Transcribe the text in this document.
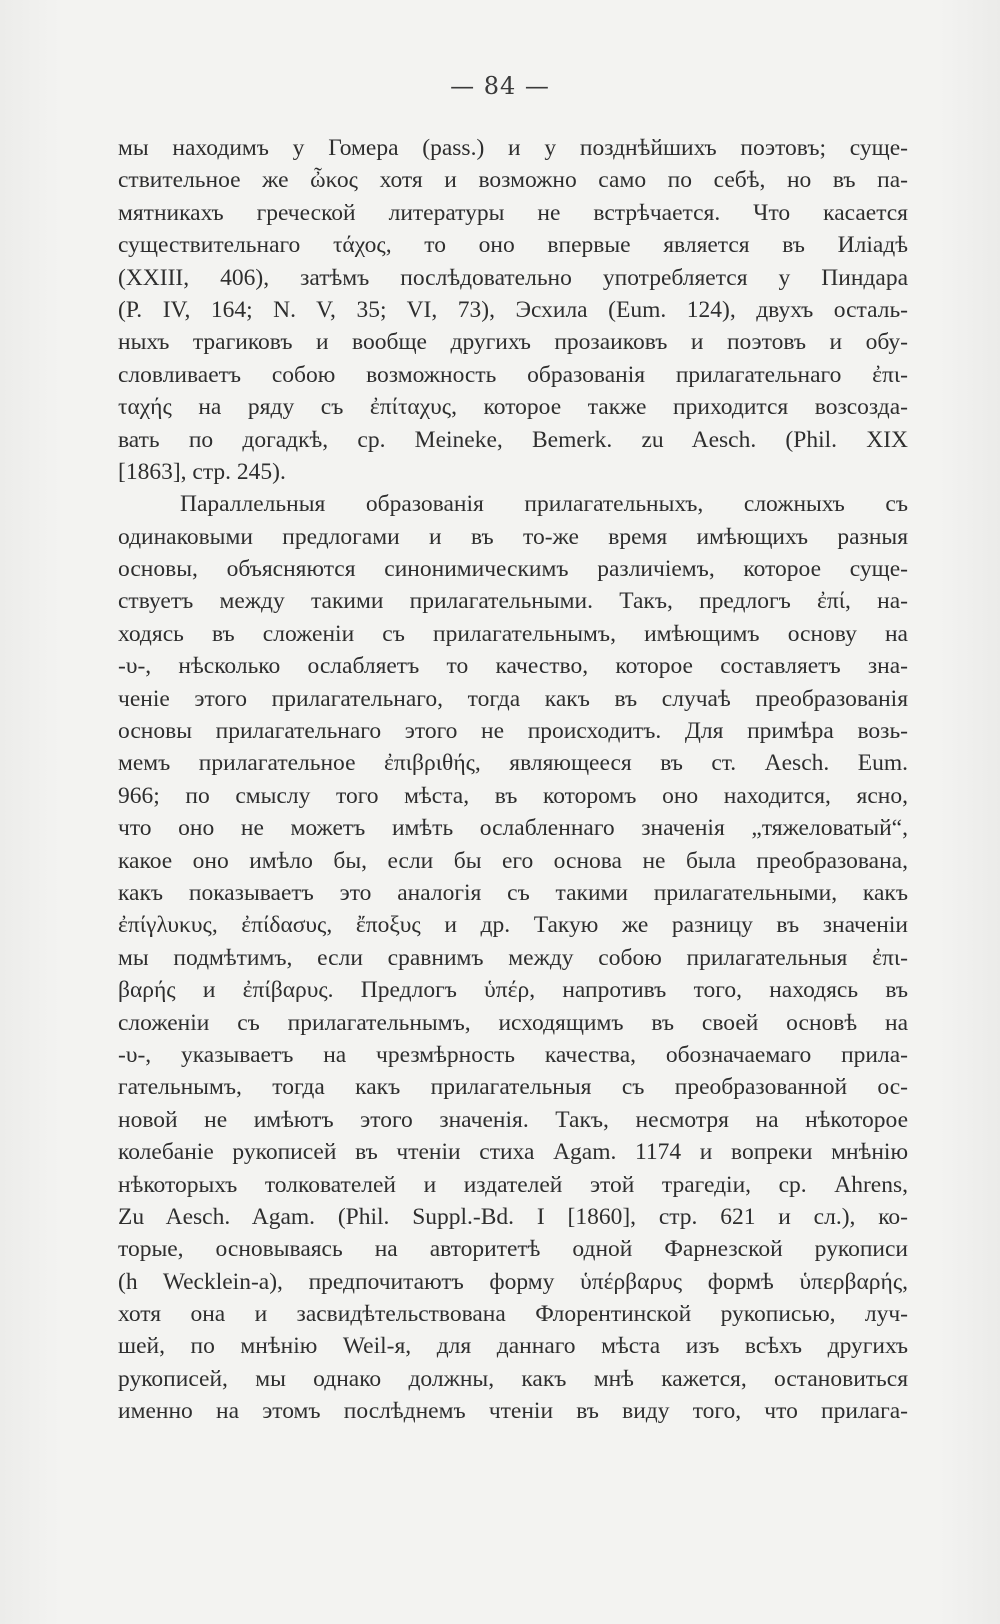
— 84 —
мы находимъ у Гомера (pass.) и у позднѣйшихъ поэтовъ; суще-
ствительное же ὦκος хотя и возможно само по себѣ, но въ па-
мятникахъ греческой литературы не встрѣчается. Что касается
существительнаго τάχος, то оно впервые является въ Иліадѣ
(XXIII, 406), затѣмъ послѣдовательно употребляется у Пиндара
(P. IV, 164; N. V, 35; VI, 73), Эсхила (Eum. 124), двухъ осталь-
ныхъ трагиковъ и вообще другихъ прозаиковъ и поэтовъ и обу-
словливаетъ собою возможность образованія прилагательнаго ἐπι-
ταχής на ряду съ ἐπίταχυς, которое также приходится возсозда-
вать по догадкѣ, ср. Meineke, Bemerk. zu Aesch. (Phil. XIX
[1863], стр. 245).
Параллельныя образованія прилагательныхъ, сложныхъ съ
одинаковыми предлогами и въ то-же время имѣющихъ разныя
основы, объясняются синонимическимъ различіемъ, которое суще-
ствуетъ между такими прилагательными. Такъ, предлогъ ἐπί, на-
ходясь въ сложеніи съ прилагательнымъ, имѣющимъ основу на
-υ-, нѣсколько ослабляетъ то качество, которое составляетъ зна-
ченіе этого прилагательнаго, тогда какъ въ случаѣ преобразованія
основы прилагательнаго этого не происходитъ. Для примѣра возь-
мемъ прилагательное ἐπιβριθής, являющееся въ ст. Aesch. Eum.
966; по смыслу того мѣста, въ которомъ оно находится, ясно,
что оно не можетъ имѣть ослабленнаго значенія „тяжеловатый“,
какое оно имѣло бы, если бы его основа не была преобразована,
какъ показываетъ это аналогія съ такими прилагательными, какъ
ἐπίγλυκυς, ἐπίδασυς, ἔποξυς и др. Такую же разницу въ значеніи
мы подмѣтимъ, если сравнимъ между собою прилагательныя ἐπι-
βαρής и ἐπίβαρυς. Предлогъ ὑπέρ, напротивъ того, находясь въ
сложеніи съ прилагательнымъ, исходящимъ въ своей основѣ на
-υ-, указываетъ на чрезмѣрность качества, обозначаемаго прила-
гательнымъ, тогда какъ прилагательныя съ преобразованной ос-
новой не имѣютъ этого значенія. Такъ, несмотря на нѣкоторое
колебаніе рукописей въ чтеніи стиха Agam. 1174 и вопреки мнѣнію
нѣкоторыхъ толкователей и издателей этой трагедіи, ср. Ahrens,
Zu Aesch. Agam. (Phil. Suppl.-Bd. I [1860], стр. 621 и сл.), ко-
торые, основываясь на авторитетѣ одной Фарнезской рукописи
(h Wecklein-a), предпочитаютъ форму ὑπέρβαρυς формѣ ὑπερβαρής,
хотя она и засвидѣтельствована Флорентинской рукописью, луч-
шей, по мнѣнію Weil-я, для даннаго мѣста изъ всѣхъ другихъ
рукописей, мы однако должны, какъ мнѣ кажется, остановиться
именно на этомъ послѣднемъ чтеніи въ виду того, что прилага-
